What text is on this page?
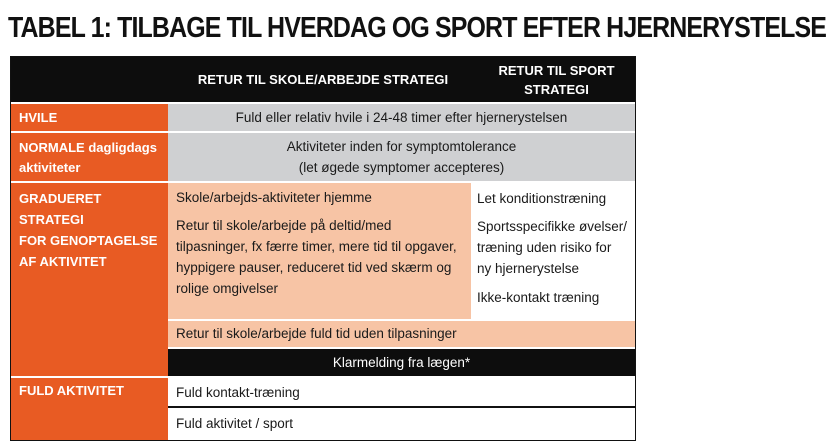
TABEL 1: TILBAGE TIL HVERDAG OG SPORT EFTER HJERNERYSTELSE
RETUR TIL SKOLE/ARBEJDE STRATEGI
RETUR TIL SPORT
STRATEGI
HVILE	Fuld eller relativ hvile i 24-48 timer efter hjernerystelsen
NORMALE dagligdags
aktiviteter
Aktiviteter inden for symptomtolerance
(let øgede symptomer accepteres)
GRADUERET STRATEGI
FOR GENOPTAGELSE
AF AKTIVITET
Skole/arbejds-aktiviteter hjemme
Retur til skole/arbejde på deltid/med tilpasninger, fx færre timer, mere tid til opgaver, hyppigere pauser, reduceret tid ved skærm og rolige omgivelser
Let konditionstræning
Sportsspecifikke øvelser/ træning uden risiko for ny hjernerystelse
Ikke-kontakt træning
Retur til skole/arbejde fuld tid uden tilpasninger
Klarmelding fra lægen*
FULD AKTIVITET	Fuld kontakt-træning
Fuld aktivitet / sport
